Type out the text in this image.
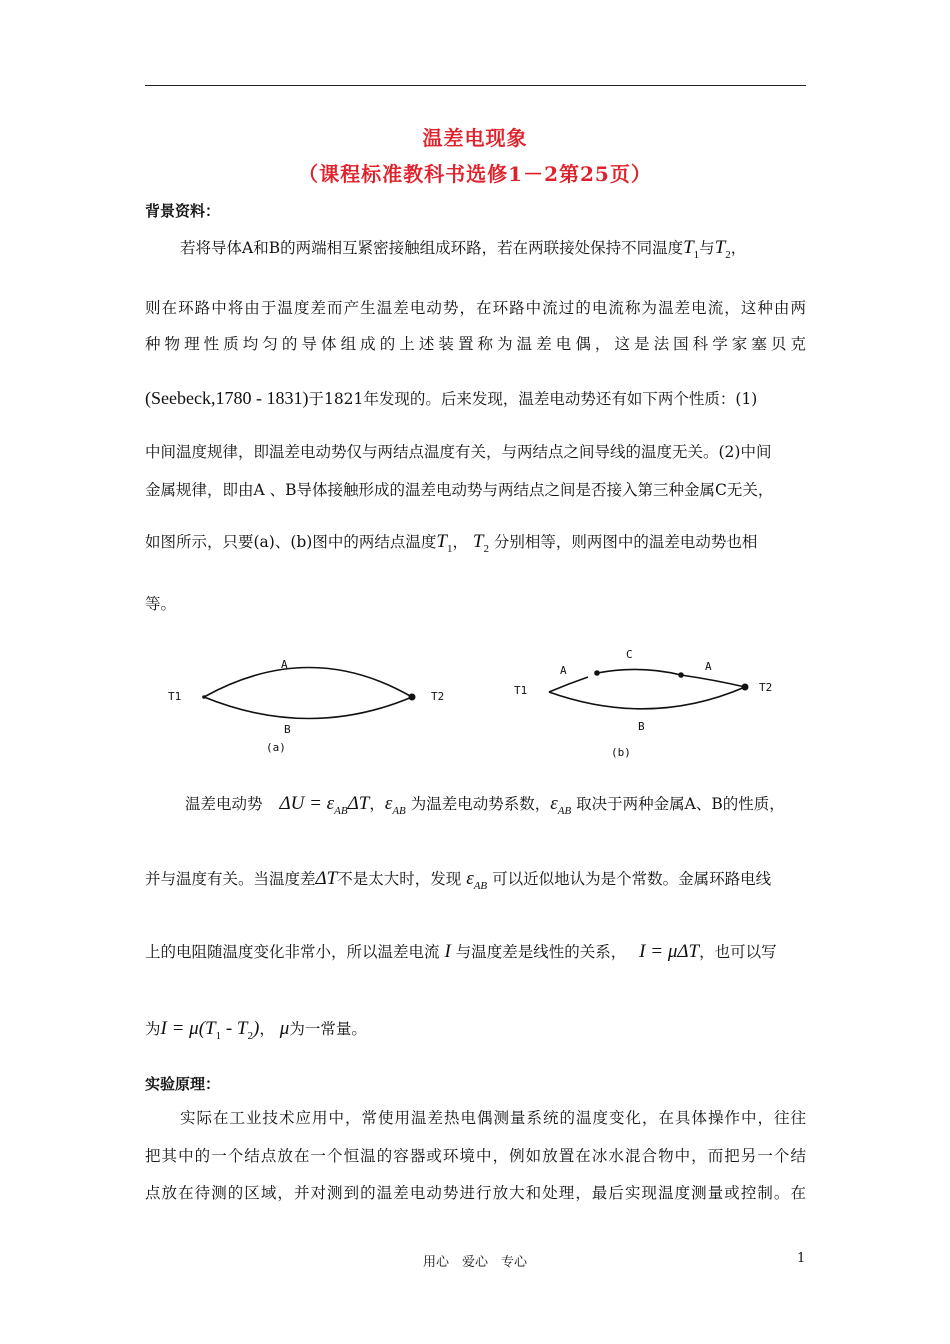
温差电现象
（课程标准教科书选修1－2第25页）
背景资料：
若将导体A和B的两端相互紧密接触组成环路，若在两联接处保持不同温度$T_1$与$T_2$，
则在环路中将由于温度差而产生温差电动势，在环路中流过的电流称为温差电流，这种由两
种物理性质均匀的导体组成的上述装置称为温差电偶，这是法国科学家塞贝克
(Seebeck,1780 - 1831)于1821年发现的。后来发现，温差电动势还有如下两个性质：(1)
中间温度规律，即温差电动势仅与两结点温度有关，与两结点之间导线的温度无关。(2)中间
金属规律，即由A 、B导体接触形成的温差电动势与两结点之间是否接入第三种金属C无关，
如图所示，只要(a)、(b)图中的两结点温度$T_1$， $T_2$ 分别相等，则两图中的温差电动势也相
等。
A
T1	T2
B
(a)
A
C
A
T1	T2
B
(b)
温差电动势 $\Delta U = \varepsilon_{AB}\Delta T$，$\varepsilon_{AB}$ 为温差电动势系数，$\varepsilon_{AB}$ 取决于两种金属A、B的性质，
并与温度有关。当温度差ΔT不是太大时，发现 $\varepsilon_{AB}$ 可以近似地认为是个常数。金属环路电线
上的电阻随温度变化非常小，所以温差电流 I 与温度差是线性的关系， I = μΔT，也可以写
为$I = \mu(T_1 - T_2)$， μ为一常量。
实验原理：
实际在工业技术应用中，常使用温差热电偶测量系统的温度变化，在具体操作中，往往
把其中的一个结点放在一个恒温的容器或环境中，例如放置在冰水混合物中，而把另一个结
点放在待测的区域，并对测到的温差电动势进行放大和处理，最后实现温度测量或控制。在
用心　爱心　专心	1
